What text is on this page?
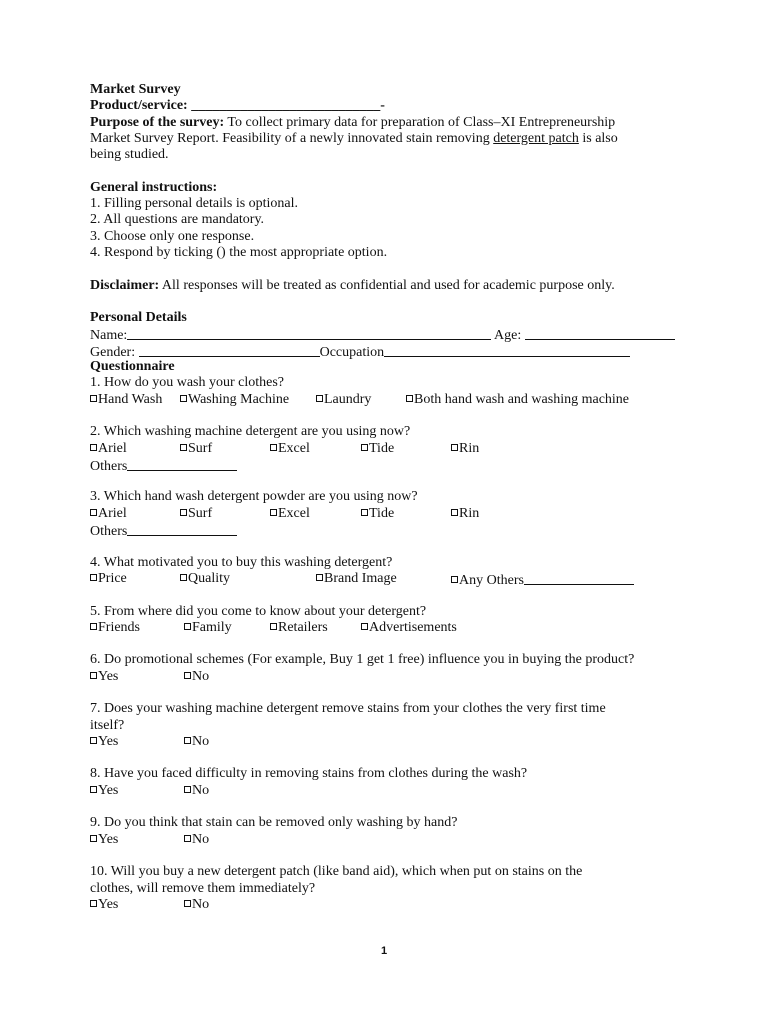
Market Survey
Product/service: ___________________________-
Purpose of the survey: To collect primary data for preparation of Class–XI Entrepreneurship
Market Survey Report. Feasibility of a newly innovated stain removing detergent patch is also
being studied.
General instructions:
1. Filling personal details is optional.
2. All questions are mandatory.
3. Choose only one response.
4. Respond by ticking () the most appropriate option.
Disclaimer: All responses will be treated as confidential and used for academic purpose only.
Personal Details
Name:	Age:
Gender:	Occupation
Questionnaire
1. How do you wash your clothes?
Hand Wash	Washing Machine	Laundry	Both hand wash and washing machine
2. Which washing machine detergent are you using now?
Ariel	Surf	Excel	Tide	Rin
Others
3. Which hand wash detergent powder are you using now?
Ariel	Surf	Excel	Tide	Rin
Others
4. What motivated you to buy this washing detergent?
Price	Quality	Brand Image	Any Others
5. From where did you come to know about your detergent?
Friends	Family	Retailers	Advertisements
6. Do promotional schemes (For example, Buy 1 get 1 free) influence you in buying the product?
Yes	No
7. Does your washing machine detergent remove stains from your clothes the very first time
itself?
Yes	No
8. Have you faced difficulty in removing stains from clothes during the wash?
Yes	No
9. Do you think that stain can be removed only washing by hand?
Yes	No
10. Will you buy a new detergent patch (like band aid), which when put on stains on the
clothes, will remove them immediately?
Yes	No
1
